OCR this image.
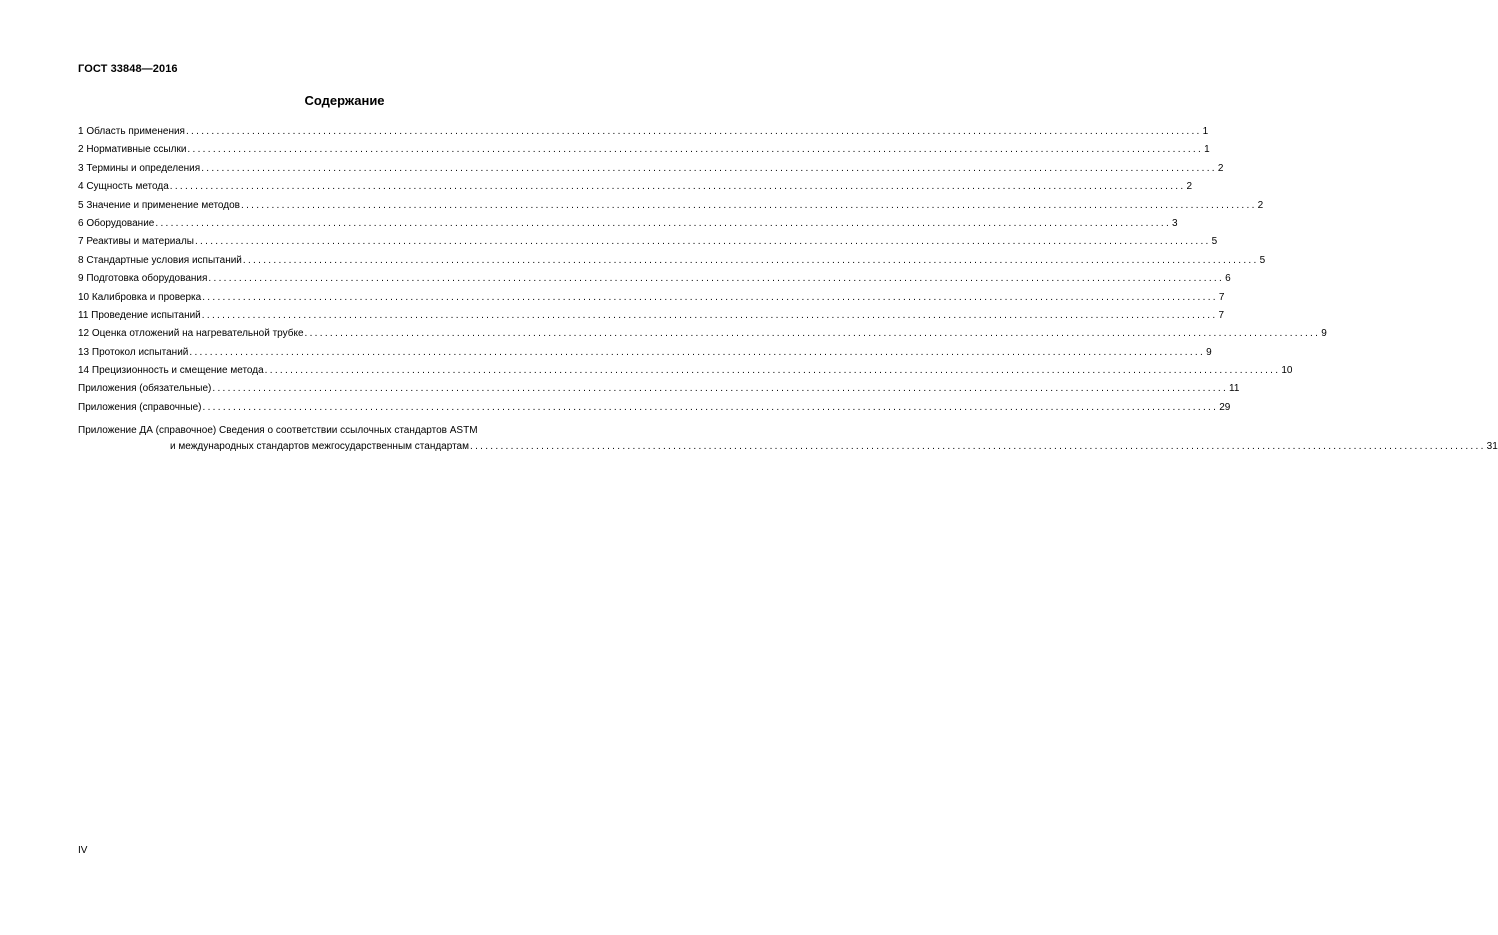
ГОСТ 33848—2016
Содержание
1 Область применения ........................................................................................................................................................................................................ 1
2 Нормативные ссылки ........................................................................................................................................................................................................ 1
3 Термины и определения ........................................................................................................................................................................................................ 2
4 Сущность метода ........................................................................................................................................................................................................ 2
5 Значение и применение методов ........................................................................................................................................................................................................ 2
6 Оборудование ........................................................................................................................................................................................................ 3
7 Реактивы и материалы ........................................................................................................................................................................................................ 5
8 Стандартные условия испытаний ........................................................................................................................................................................................................ 5
9 Подготовка оборудования ........................................................................................................................................................................................................ 6
10 Калибровка и проверка ........................................................................................................................................................................................................ 7
11 Проведение испытаний ........................................................................................................................................................................................................ 7
12 Оценка отложений на нагревательной трубке ........................................................................................................................................................................................................ 9
13 Протокол испытаний ........................................................................................................................................................................................................ 9
14 Прецизионность и смещение метода ........................................................................................................................................................................................................ 10
Приложения (обязательные) ........................................................................................................................................................................................................ 11
Приложения (справочные) ........................................................................................................................................................................................................ 29
Приложение ДА (справочное) Сведения о соответствии ссылочных стандартов ASTM
и международных стандартов межгосударственным стандартам ........................................................................................................................................................................................................ 31
IV
